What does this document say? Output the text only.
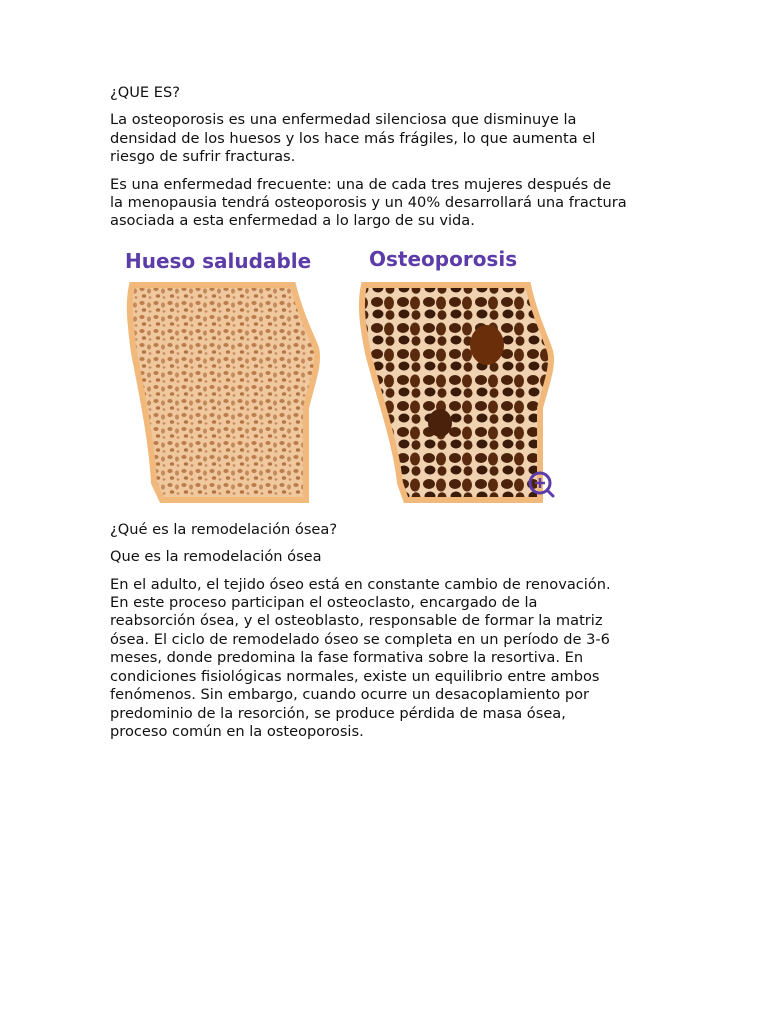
¿QUE ES?

La osteoporosis es una enfermedad silenciosa que disminuye la
densidad de los huesos y los hace más frágiles, lo que aumenta el
riesgo de sufrir fracturas.

Es una enfermedad frecuente: una de cada tres mujeres después de
la menopausia tendrá osteoporosis y un 40% desarrollará una fractura
asociada a esta enfermedad a lo largo de su vida.

Hueso saludable	Osteoporosis

¿Qué es la remodelación ósea?

Que es la remodelación ósea

En el adulto, el tejido óseo está en constante cambio de renovación.
En este proceso participan el osteoclasto, encargado de la
reabsorción ósea, y el osteoblasto, responsable de formar la matriz
ósea. El ciclo de remodelado óseo se completa en un período de 3-6
meses, donde predomina la fase formativa sobre la resortiva. En
condiciones fisiológicas normales, existe un equilibrio entre ambos
fenómenos. Sin embargo, cuando ocurre un desacoplamiento por
predominio de la resorción, se produce pérdida de masa ósea,
proceso común en la osteoporosis.
